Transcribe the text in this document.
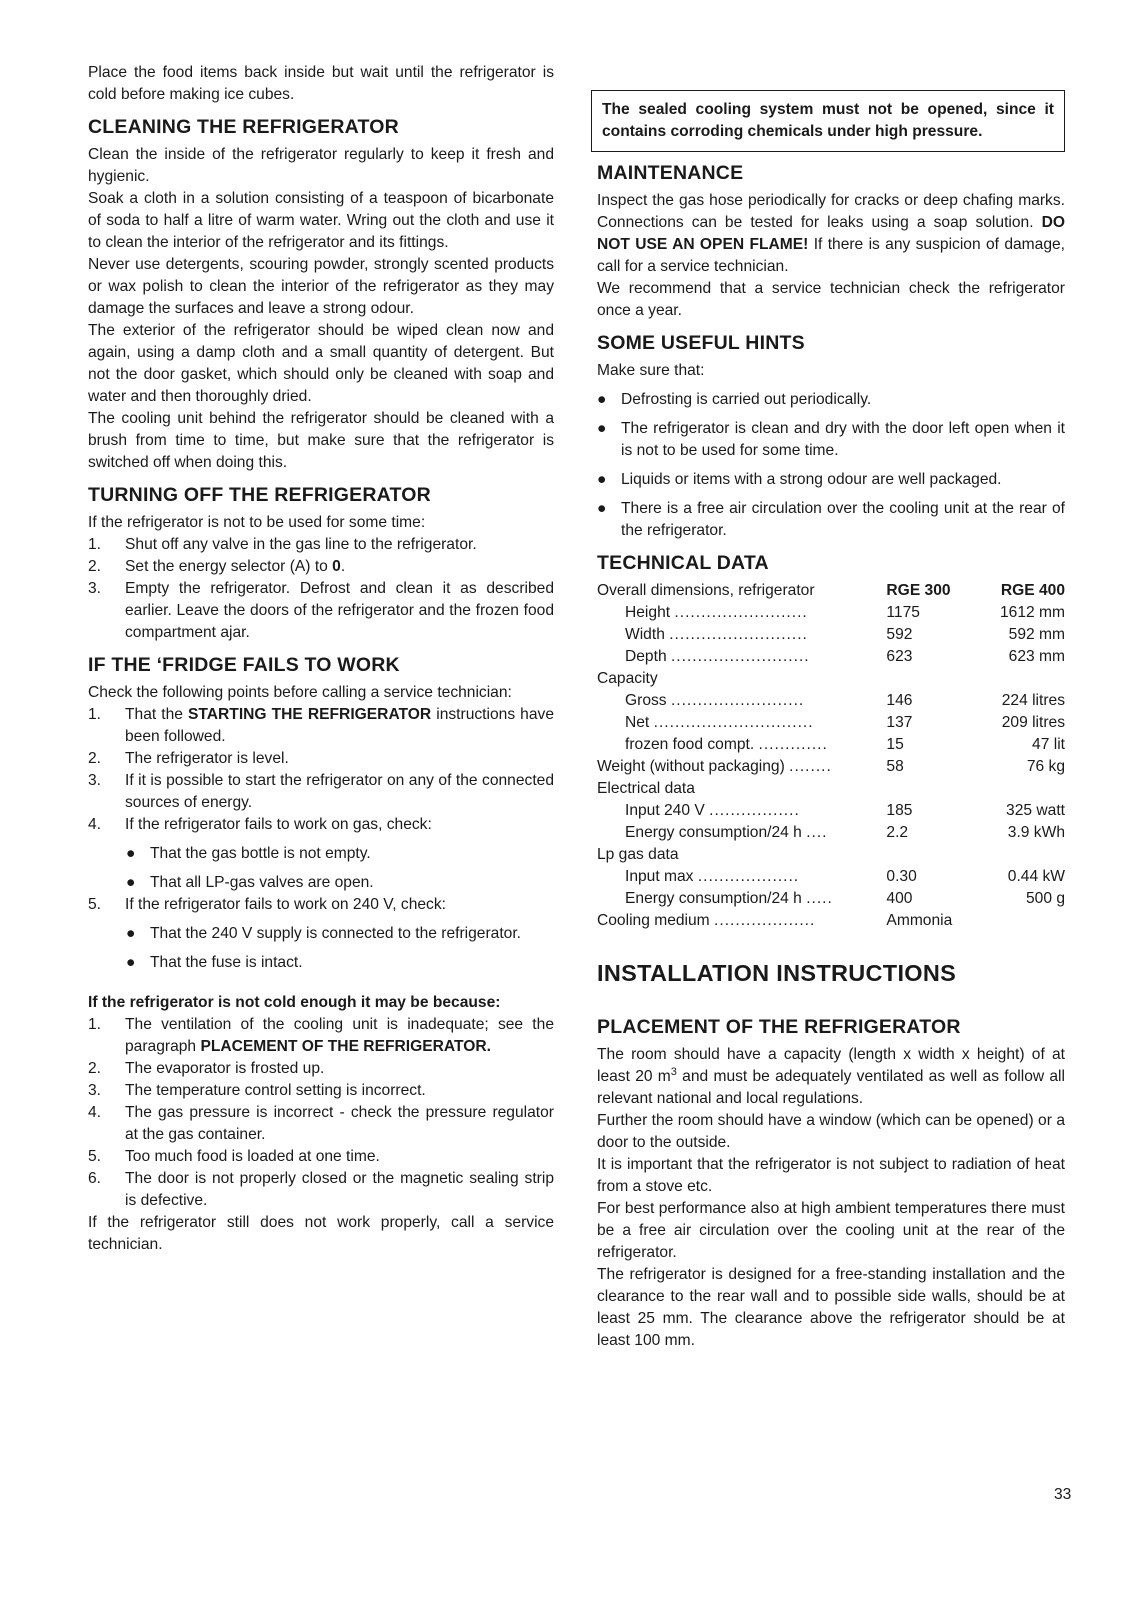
Place the food items back inside but wait until the refrigerator is cold before making ice cubes.

CLEANING THE REFRIGERATOR

Clean the inside of the refrigerator regularly to keep it fresh and hygienic.

Soak a cloth in a solution consisting of a teaspoon of bicarbonate of soda to half a litre of warm water. Wring out the cloth and use it to clean the interior of the refrigerator and its fittings.

Never use detergents, scouring powder, strongly scented products or wax polish to clean the interior of the refrigerator as they may damage the surfaces and leave a strong odour.

The exterior of the refrigerator should be wiped clean now and again, using a damp cloth and a small quantity of detergent. But not the door gasket, which should only be cleaned with soap and water and then thoroughly dried.

The cooling unit behind the refrigerator should be cleaned with a brush from time to time, but make sure that the refrigerator is switched off when doing this.

TURNING OFF THE REFRIGERATOR

If the refrigerator is not to be used for some time:

1.	Shut off any valve in the gas line to the refrigerator.
2.	Set the energy selector (A) to 0.
3.	Empty the refrigerator. Defrost and clean it as described earlier. Leave the doors of the refrigerator and the frozen food compartment ajar.
IF THE ‘FRIDGE FAILS TO WORK

Check the following points before calling a service technician:

1.	That the STARTING THE REFRIGERATOR instructions have been followed.
2.	The refrigerator is level.
3.	If it is possible to start the refrigerator on any of the connected sources of energy.
4.	If the refrigerator fails to work on gas, check:
● That the gas bottle is not empty.
● That all LP-gas valves are open.
5.	If the refrigerator fails to work on 240 V, check:
● That the 240 V supply is connected to the refrigerator.
● That the fuse is intact.

If the refrigerator is not cold enough it may be because:

1.	The ventilation of the cooling unit is inadequate; see the paragraph PLACEMENT OF THE REFRIGERATOR.
2.	The evaporator is frosted up.
3.	The temperature control setting is incorrect.
4.	The gas pressure is incorrect - check the pressure regulator at the gas container.
5.	Too much food is loaded at one time.
6.	The door is not properly closed or the magnetic sealing strip is defective.

If the refrigerator still does not work properly, call a service technician.

The sealed cooling system must not be opened, since it contains corroding chemicals under high pressure.
MAINTENANCE

Inspect the gas hose periodically for cracks or deep chafing marks. Connections can be tested for leaks using a soap solution. DO NOT USE AN OPEN FLAME! If there is any suspicion of damage, call for a service technician.

We recommend that a service technician check the refrigerator once a year.

SOME USEFUL HINTS

Make sure that:

● Defrosting is carried out periodically.
● The refrigerator is clean and dry with the door left open when it is not to be used for some time.
● Liquids or items with a strong odour are well packaged.
● There is a free air circulation over the cooling unit at the rear of the refrigerator.
TECHNICAL DATA
Overall dimensions, refrigerator	RGE 300	RGE 400
Height .........................	1175	1612 mm
Width ..........................	592	592 mm
Depth ..........................	623	623 mm
Capacity		
Gross .........................	146	224 litres
Net ..............................	137	209 litres
frozen food compt. .............	15	47 lit
Weight (without packaging) ........	58	76 kg
Electrical data		
Input 240 V .................	185	325 watt
Energy consumption/24 h ....	2.2	3.9 kWh
Lp gas data		
Input max ...................	0.30	0.44 kW
Energy consumption/24 h .....	400	500 g
Cooling medium ...................	Ammonia	
INSTALLATION INSTRUCTIONS
PLACEMENT OF THE REFRIGERATOR

The room should have a capacity (length x width x height) of at least 20 $m^3$ and must be adequately ventilated as well as follow all relevant national and local regulations.

Further the room should have a window (which can be opened) or a door to the outside.

It is important that the refrigerator is not subject to radiation of heat from a stove etc.

For best performance also at high ambient temperatures there must be a free air circulation over the cooling unit at the rear of the refrigerator.

The refrigerator is designed for a free-standing installation and the clearance to the rear wall and to possible side walls, should be at least 25 mm. The clearance above the refrigerator should be at least 100 mm.

33
